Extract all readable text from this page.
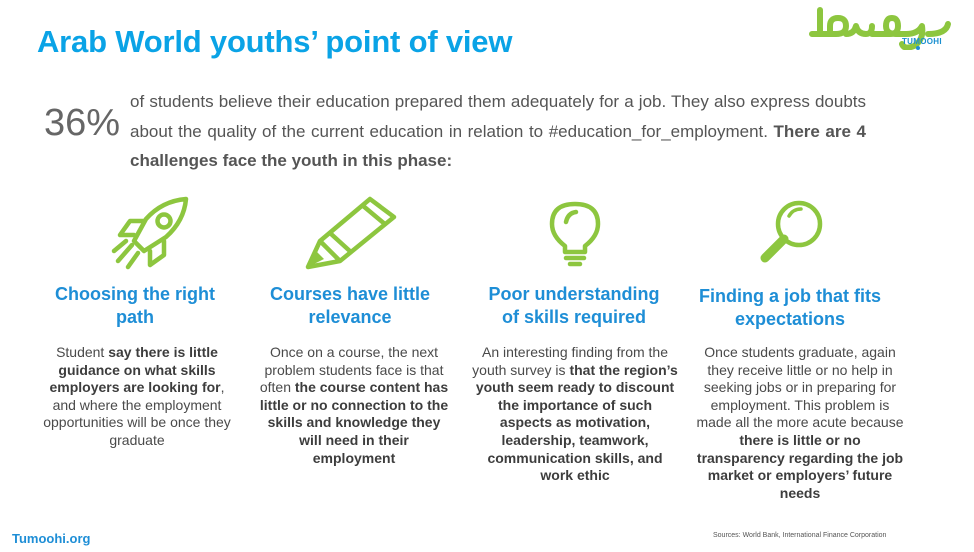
Arab World youths’ point of view	TUMOOHI
36%
of students believe their education prepared them adequately for a job. They also express doubts about the quality of the current education in relation to #education_for_employment. There are 4 challenges face the youth in this phase:
Choosing the right path
Courses have little relevance
Poor understanding of skills required
Finding a job that fits expectations
Student say there is little guidance on what skills employers are looking for, and where the employment opportunities will be once they graduate
Once on a course, the next problem students face is that often the course content has little or no connection to the skills and knowledge they will need in their employment
An interesting finding from the youth survey is that the region’s youth seem ready to discount the importance of such aspects as motivation, leadership, teamwork, communication skills, and work ethic
Once students graduate, again they receive little or no help in seeking jobs or in preparing for employment. This problem is made all the more acute because there is little or no transparency regarding the job market or employers’ future needs
Tumoohi.org	Sources: World Bank, International Finance Corporation
